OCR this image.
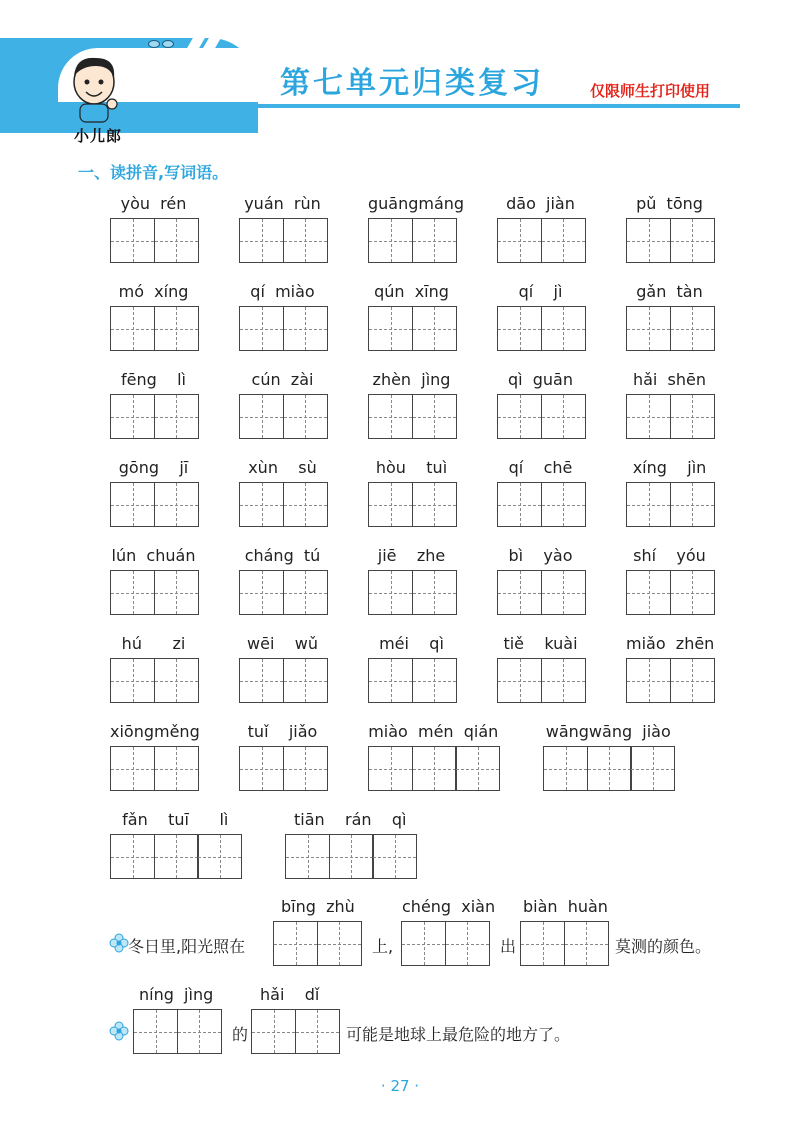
小儿郎
第七单元归类复习	仅限师生打印使用
一、读拼音,写词语。
yòu  rén	yuán  rùn	guāngmáng	dāo  jiàn	pǔ  tōng
mó  xíng	qí  miào	qún  xīng	qí    jì	gǎn  tàn
fēng    lì	cún  zài	zhèn  jìng	qì  guān	hǎi  shēn
gōng    jī	xùn    sù	hòu    tuì	qí    chē	xíng    jìn
lún  chuán	cháng  tú	jiē    zhe	bì    yào	shí    yóu
hú      zi	wēi    wǔ	méi    qì	tiě    kuài	miǎo  zhēn
xiōngměng	tuǐ    jiǎo	miào  mén  qián	wāngwāng  jiào
fǎn    tuī      lì	tiān    rán    qì
bīng  zhù	chéng  xiàn biàn  huàn
冬日里,阳光照在	上,	出	莫测的颜色。
níng  jìng	hǎi    dǐ
的	可能是地球上最危险的地方了。
· 27 ·
